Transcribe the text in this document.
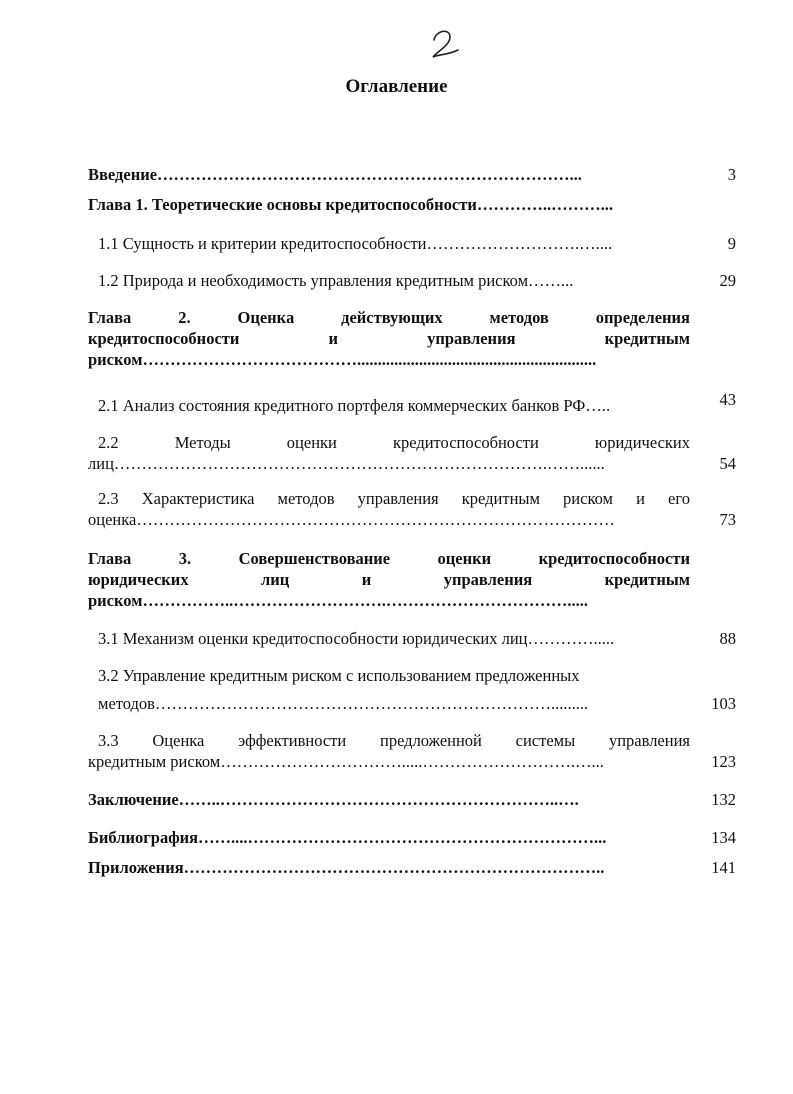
Оглавление
Введение…………………………………………………………………...	3
Глава 1. Теоретические основы кредитоспособности…………..………...
1.1 Сущность и критерии кредитоспособности……………………….…....	9
1.2 Природа и необходимость управления кредитным риском……...	29
Глава 2. Оценка действующих методов определения
кредитоспособности и управления кредитным
риском…………………………………..........................................................
2.1 Анализ состояния кредитного портфеля коммерческих банков РФ…..	43
2.2 Методы оценки кредитоспособности юридических
лиц…………………………………………………………………….……......	54
2.3 Характеристика методов управления кредитным риском и его
оценка……………………………………………………………………………	73
Глава 3. Совершенствование оценки кредитоспособности
юридических лиц и управления кредитным
риском……………..……………………….…………………………….....
3.1 Механизм оценки кредитоспособности юридических лиц………….....	88
3.2 Управление кредитным риском с использованием предложенных
методов……………………………………………………………….........	103
3.3 Оценка эффективности предложенной системы управления
кредитным риском…………………………….....……………………….…...	123
Заключение……..……………………………………………………..….	132
Библиография……....………………………………………………………...	134
Приложения…………………………………………………………………..	141
